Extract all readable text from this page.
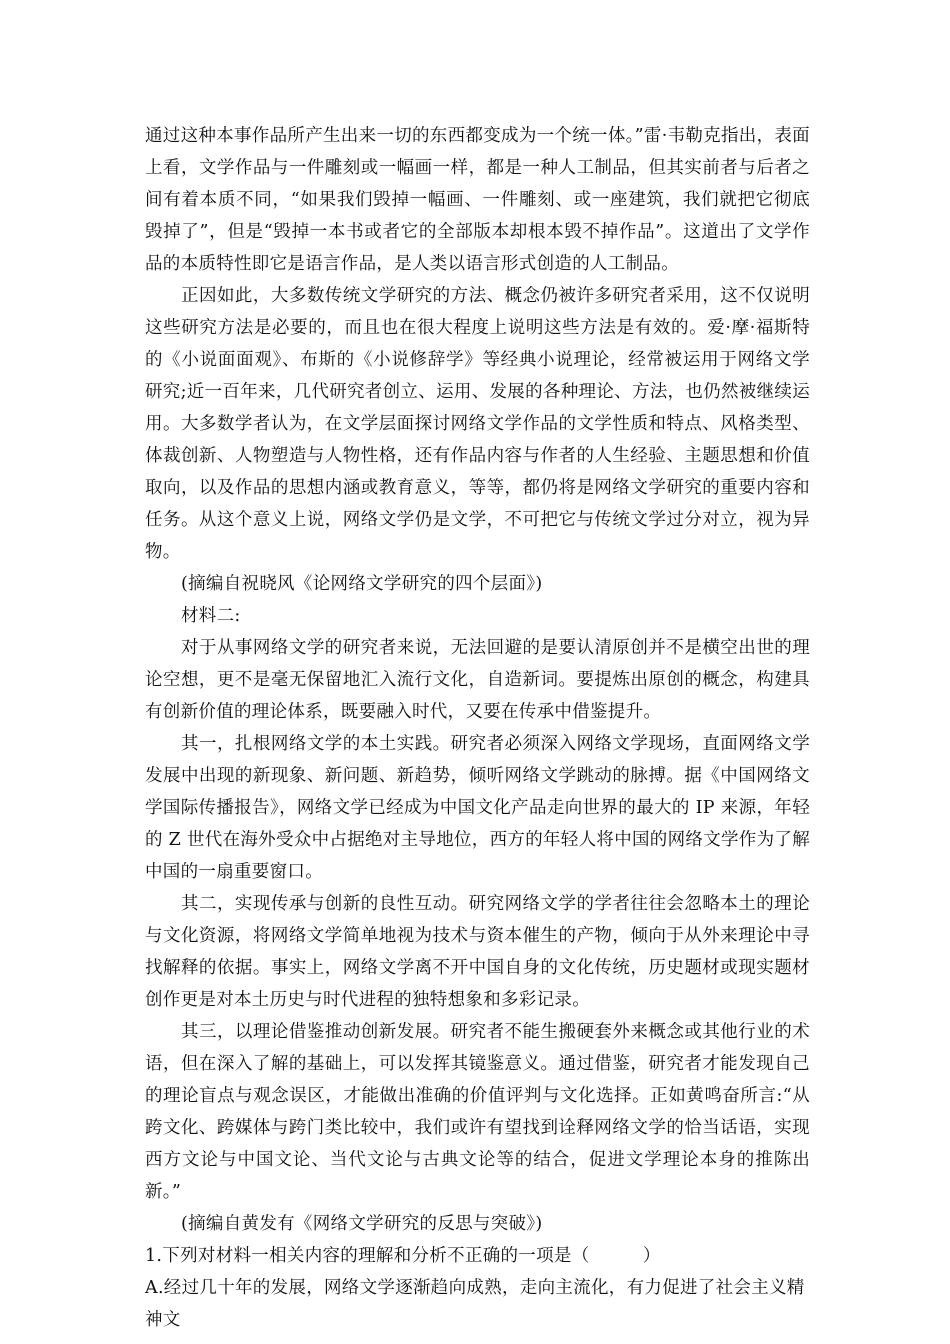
通过这种本事作品所产生出来一切的东西都变成为一个统一体。”雷·韦勒克指出，表面上看，文学作品与一件雕刻或一幅画一样，都是一种人工制品，但其实前者与后者之间有着本质不同，“如果我们毁掉一幅画、一件雕刻、或一座建筑，我们就把它彻底毁掉了”，但是“毁掉一本书或者它的全部版本却根本毁不掉作品”。这道出了文学作品的本质特性即它是语言作品，是人类以语言形式创造的人工制品。

正因如此，大多数传统文学研究的方法、概念仍被许多研究者采用，这不仅说明这些研究方法是必要的，而且也在很大程度上说明这些方法是有效的。爱·摩·福斯特的《小说面面观》、布斯的《小说修辞学》等经典小说理论，经常被运用于网络文学研究;近一百年来，几代研究者创立、运用、发展的各种理论、方法，也仍然被继续运用。大多数学者认为，在文学层面探讨网络文学作品的文学性质和特点、风格类型、体裁创新、人物塑造与人物性格，还有作品内容与作者的人生经验、主题思想和价值取向，以及作品的思想内涵或教育意义，等等，都仍将是网络文学研究的重要内容和任务。从这个意义上说，网络文学仍是文学，不可把它与传统文学过分对立，视为异物。

(摘编自祝晓风《论网络文学研究的四个层面》)

材料二:

对于从事网络文学的研究者来说，无法回避的是要认清原创并不是横空出世的理论空想，更不是毫无保留地汇入流行文化，自造新词。要提炼出原创的概念，构建具有创新价值的理论体系，既要融入时代，又要在传承中借鉴提升。

其一，扎根网络文学的本土实践。研究者必须深入网络文学现场，直面网络文学发展中出现的新现象、新问题、新趋势，倾听网络文学跳动的脉搏。据《中国网络文学国际传播报告》，网络文学已经成为中国文化产品走向世界的最大的 IP 来源，年轻的 Z 世代在海外受众中占据绝对主导地位，西方的年轻人将中国的网络文学作为了解中国的一扇重要窗口。

其二，实现传承与创新的良性互动。研究网络文学的学者往往会忽略本土的理论与文化资源，将网络文学简单地视为技术与资本催生的产物，倾向于从外来理论中寻找解释的依据。事实上，网络文学离不开中国自身的文化传统，历史题材或现实题材创作更是对本土历史与时代进程的独特想象和多彩记录。

其三，以理论借鉴推动创新发展。研究者不能生搬硬套外来概念或其他行业的术语，但在深入了解的基础上，可以发挥其镜鉴意义。通过借鉴，研究者才能发现自己的理论盲点与观念误区，才能做出准确的价值评判与文化选择。正如黄鸣奋所言:“从跨文化、跨媒体与跨门类比较中，我们或许有望找到诠释网络文学的恰当话语，实现西方文论与中国文论、当代文论与古典文论等的结合，促进文学理论本身的推陈出新。”

(摘编自黄发有《网络文学研究的反思与突破》)

1.下列对材料一相关内容的理解和分析不正确的一项是（　　　）

A.经过几十年的发展，网络文学逐渐趋向成熟，走向主流化，有力促进了社会主义精神文
